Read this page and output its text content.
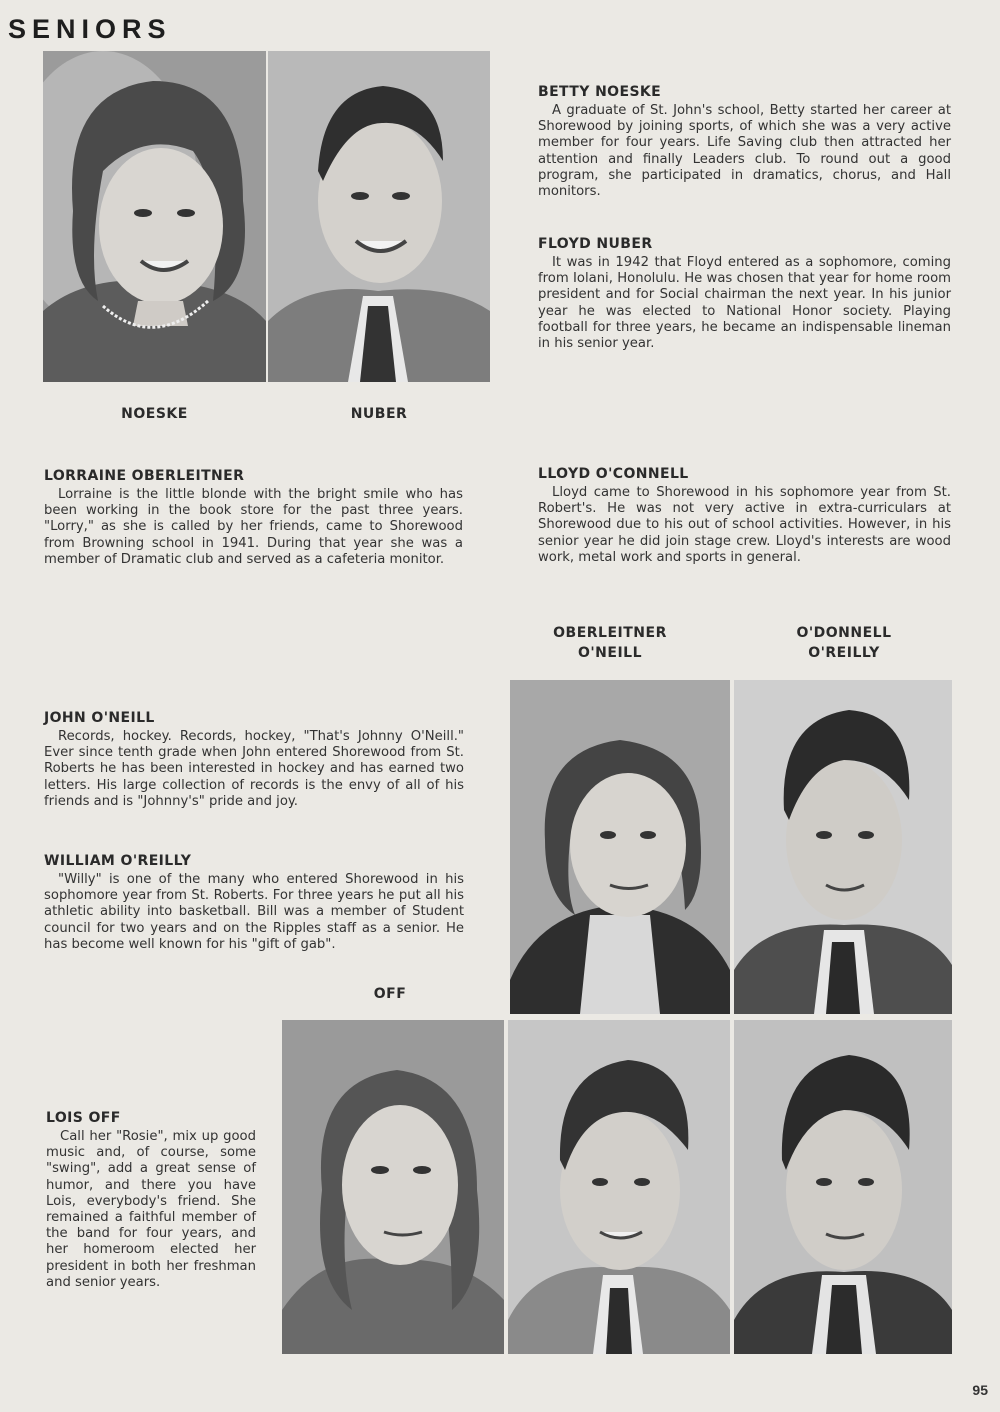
SENIORS
NOESKE	NUBER
BETTY NOESKE

A graduate of St. John's school, Betty started her career at Shorewood by joining sports, of which she was a very active member for four years. Life Saving club then attracted her attention and finally Leaders club. To round out a good program, she participated in dramatics, chorus, and Hall monitors.

FLOYD NUBER

It was in 1942 that Floyd entered as a sophomore, coming from Iolani, Honolulu. He was chosen that year for home room president and for Social chairman the next year. In his junior year he was elected to National Honor society. Playing football for three years, he became an indispensable lineman in his senior year.

LORRAINE OBERLEITNER

Lorraine is the little blonde with the bright smile who has been working in the book store for the past three years. "Lorry," as she is called by her friends, came to Shorewood from Browning school in 1941. During that year she was a member of Dramatic club and served as a cafeteria monitor.

LLOYD O'CONNELL

Lloyd came to Shorewood in his sophomore year from St. Robert's. He was not very active in extra-curriculars at Shorewood due to his out of school activities. However, in his senior year he did join stage crew. Lloyd's interests are wood work, metal work and sports in general.

OBERLEITNER
O'NEILL
O'DONNELL
O'REILLY
JOHN O'NEILL

Records, hockey. Records, hockey, "That's Johnny O'Neill." Ever since tenth grade when John entered Shorewood from St. Roberts he has been interested in hockey and has earned two letters. His large collection of records is the envy of all of his friends and is "Johnny's" pride and joy.

WILLIAM O'REILLY

"Willy" is one of the many who entered Shorewood in his sophomore year from St. Roberts. For three years he put all his athletic ability into basketball. Bill was a member of Student council for two years and on the Ripples staff as a senior. He has become well known for his "gift of gab".

OFF
LOIS OFF

Call her "Rosie", mix up good music and, of course, some "swing", add a great sense of humor, and there you have Lois, everybody's friend. She remained a faithful member of the band for four years, and her homeroom elected her president in both her freshman and senior years.

95
